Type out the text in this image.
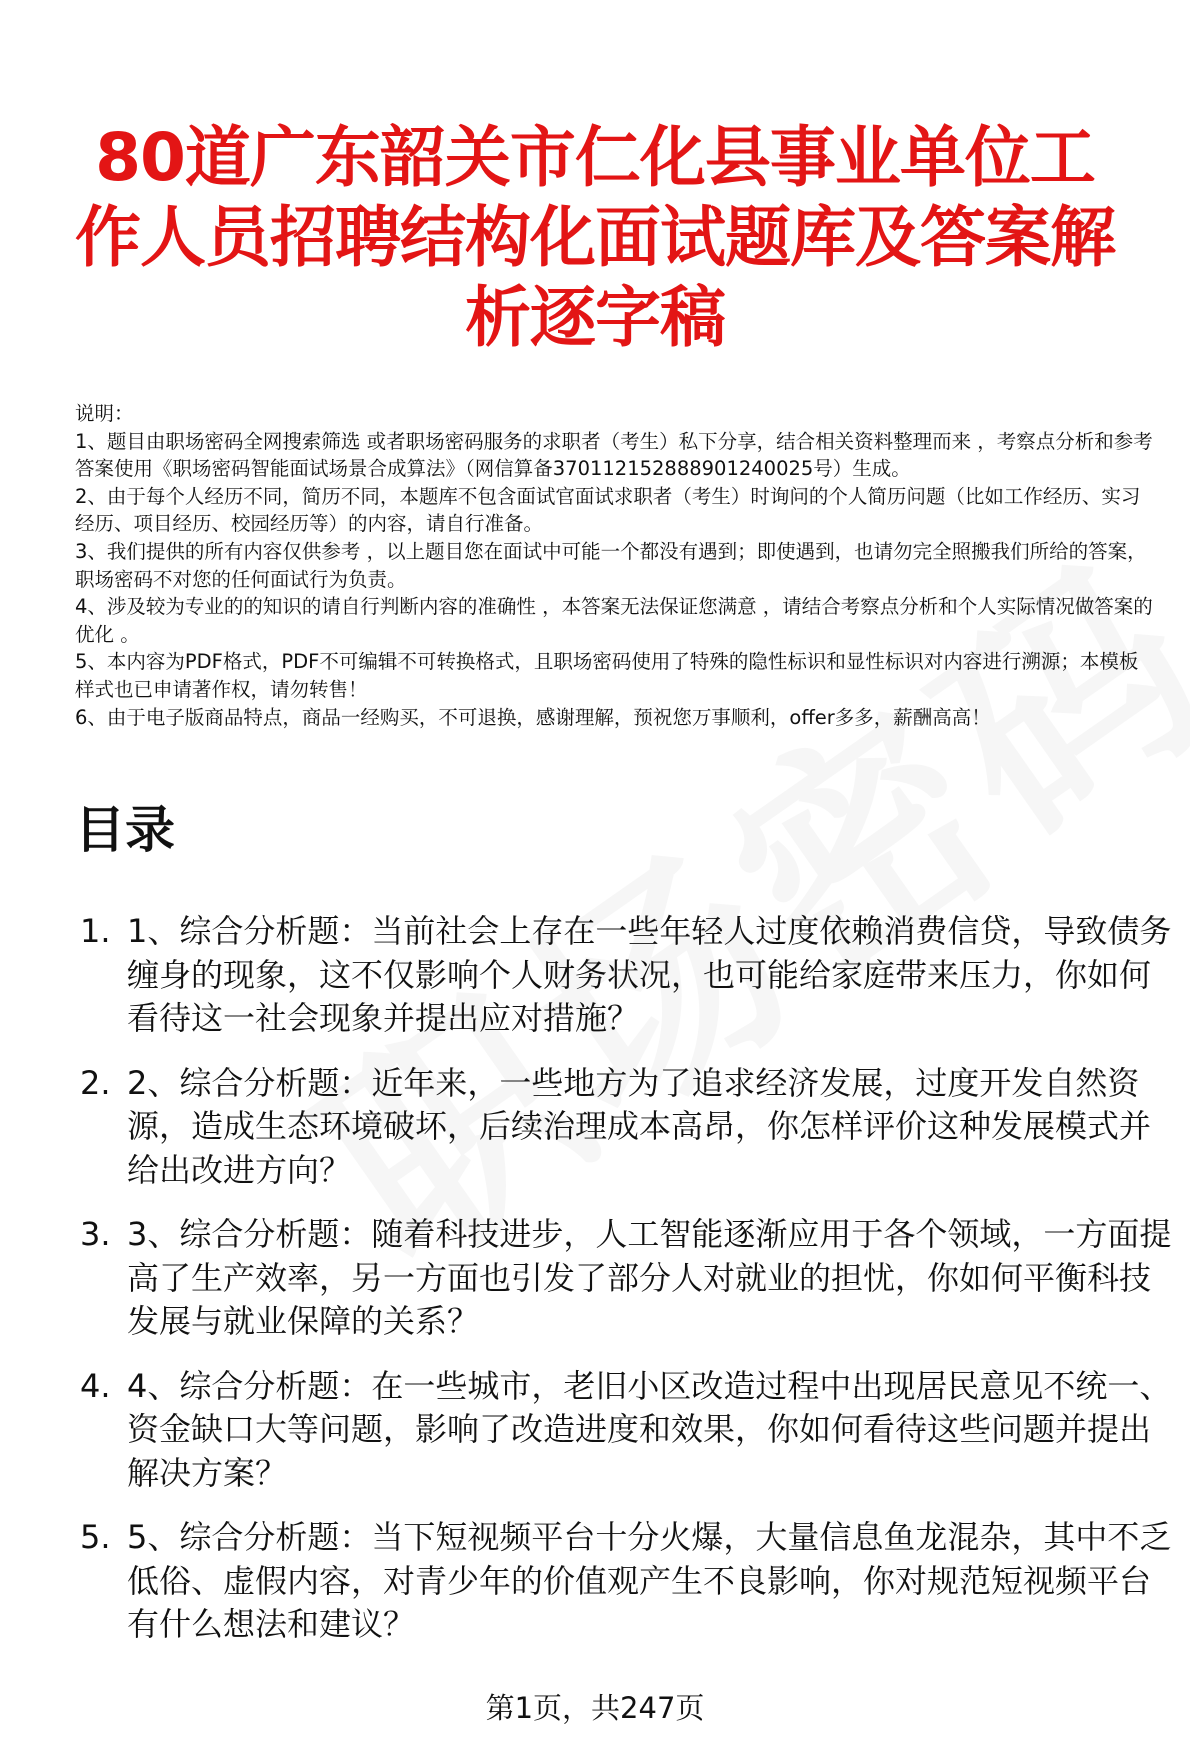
80道广东韶关市仁化县事业单位工作人员招聘结构化面试题库及答案解析逐字稿
说明：
1、题目由职场密码全网搜索筛选 或者职场密码服务的求职者（考生）私下分享，结合相关资料整理而来 ，考察点分析和参考答案使用《职场密码智能面试场景合成算法》（网信算备370112152888901240025号）生成。
2、由于每个人经历不同，简历不同，本题库不包含面试官面试求职者（考生）时询问的个人简历问题（比如工作经历、实习经历、项目经历、校园经历等）的内容，请自行准备。
3、我们提供的所有内容仅供参考 ，以上题目您在面试中可能一个都没有遇到；即使遇到，也请勿完全照搬我们所给的答案，职场密码不对您的任何面试行为负责。
4、涉及较为专业的的知识的请自行判断内容的准确性 ，本答案无法保证您满意 ，请结合考察点分析和个人实际情况做答案的优化 。
5、本内容为PDF格式，PDF不可编辑不可转换格式，且职场密码使用了特殊的隐性标识和显性标识对内容进行溯源；本模板样式也已申请著作权，请勿转售！
6、由于电子版商品特点，商品一经购买，不可退换，感谢理解，预祝您万事顺利，offer多多，薪酬高高！
目录
1. 1、综合分析题：当前社会上存在一些年轻人过度依赖消费信贷，导致债务缠身的现象，这不仅影响个人财务状况，也可能给家庭带来压力，你如何看待这一社会现象并提出应对措施？
2. 2、综合分析题：近年来，一些地方为了追求经济发展，过度开发自然资源，造成生态环境破坏，后续治理成本高昂，你怎样评价这种发展模式并给出改进方向？
3. 3、综合分析题：随着科技进步，人工智能逐渐应用于各个领域，一方面提高了生产效率，另一方面也引发了部分人对就业的担忧，你如何平衡科技发展与就业保障的关系？
4. 4、综合分析题：在一些城市，老旧小区改造过程中出现居民意见不统一、资金缺口大等问题，影响了改造进度和效果，你如何看待这些问题并提出解决方案？
5. 5、综合分析题：当下短视频平台十分火爆，大量信息鱼龙混杂，其中不乏低俗、虚假内容，对青少年的价值观产生不良影响，你对规范短视频平台有什么想法和建议？
第1页，共247页
